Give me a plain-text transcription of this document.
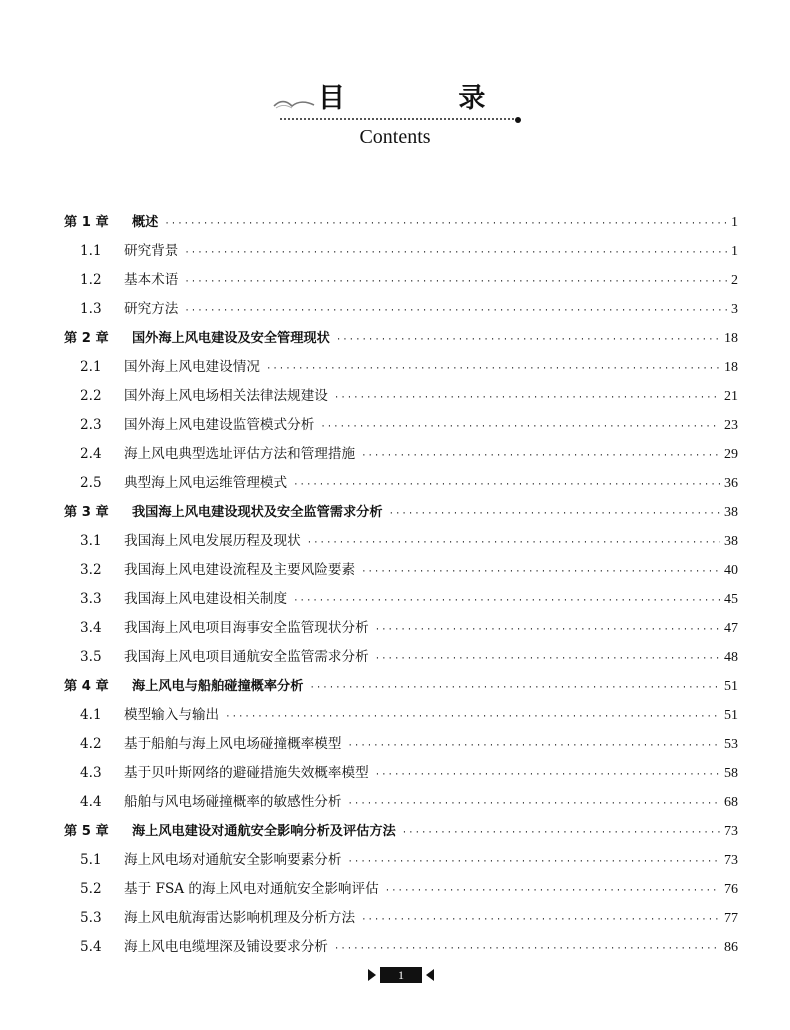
目 录
Contents
第 1 章	概述 ·····	1
1.1	研究背景 ·····	1
1.2	基本术语 ·····	2
1.3	研究方法 ·····	3
第 2 章	国外海上风电建设及安全管理现状 ·····	18
2.1	国外海上风电建设情况 ·····	18
2.2	国外海上风电场相关法律法规建设 ·····	21
2.3	国外海上风电建设监管模式分析 ·····	23
2.4	海上风电典型选址评估方法和管理措施 ·····	29
2.5	典型海上风电运维管理模式 ·····	36
第 3 章	我国海上风电建设现状及安全监管需求分析 ·····	38
3.1	我国海上风电发展历程及现状 ·····	38
3.2	我国海上风电建设流程及主要风险要素 ·····	40
3.3	我国海上风电建设相关制度 ·····	45
3.4	我国海上风电项目海事安全监管现状分析 ·····	47
3.5	我国海上风电项目通航安全监管需求分析 ·····	48
第 4 章	海上风电与船舶碰撞概率分析 ·····	51
4.1	模型输入与输出 ·····	51
4.2	基于船舶与海上风电场碰撞概率模型 ·····	53
4.3	基于贝叶斯网络的避碰措施失效概率模型 ·····	58
4.4	船舶与风电场碰撞概率的敏感性分析 ·····	68
第 5 章	海上风电建设对通航安全影响分析及评估方法 ·····	73
5.1	海上风电场对通航安全影响要素分析 ·····	73
5.2	基于 FSA 的海上风电对通航安全影响评估 ·····	76
5.3	海上风电航海雷达影响机理及分析方法 ·····	77
5.4	海上风电电缆埋深及铺设要求分析 ·····	86
1
